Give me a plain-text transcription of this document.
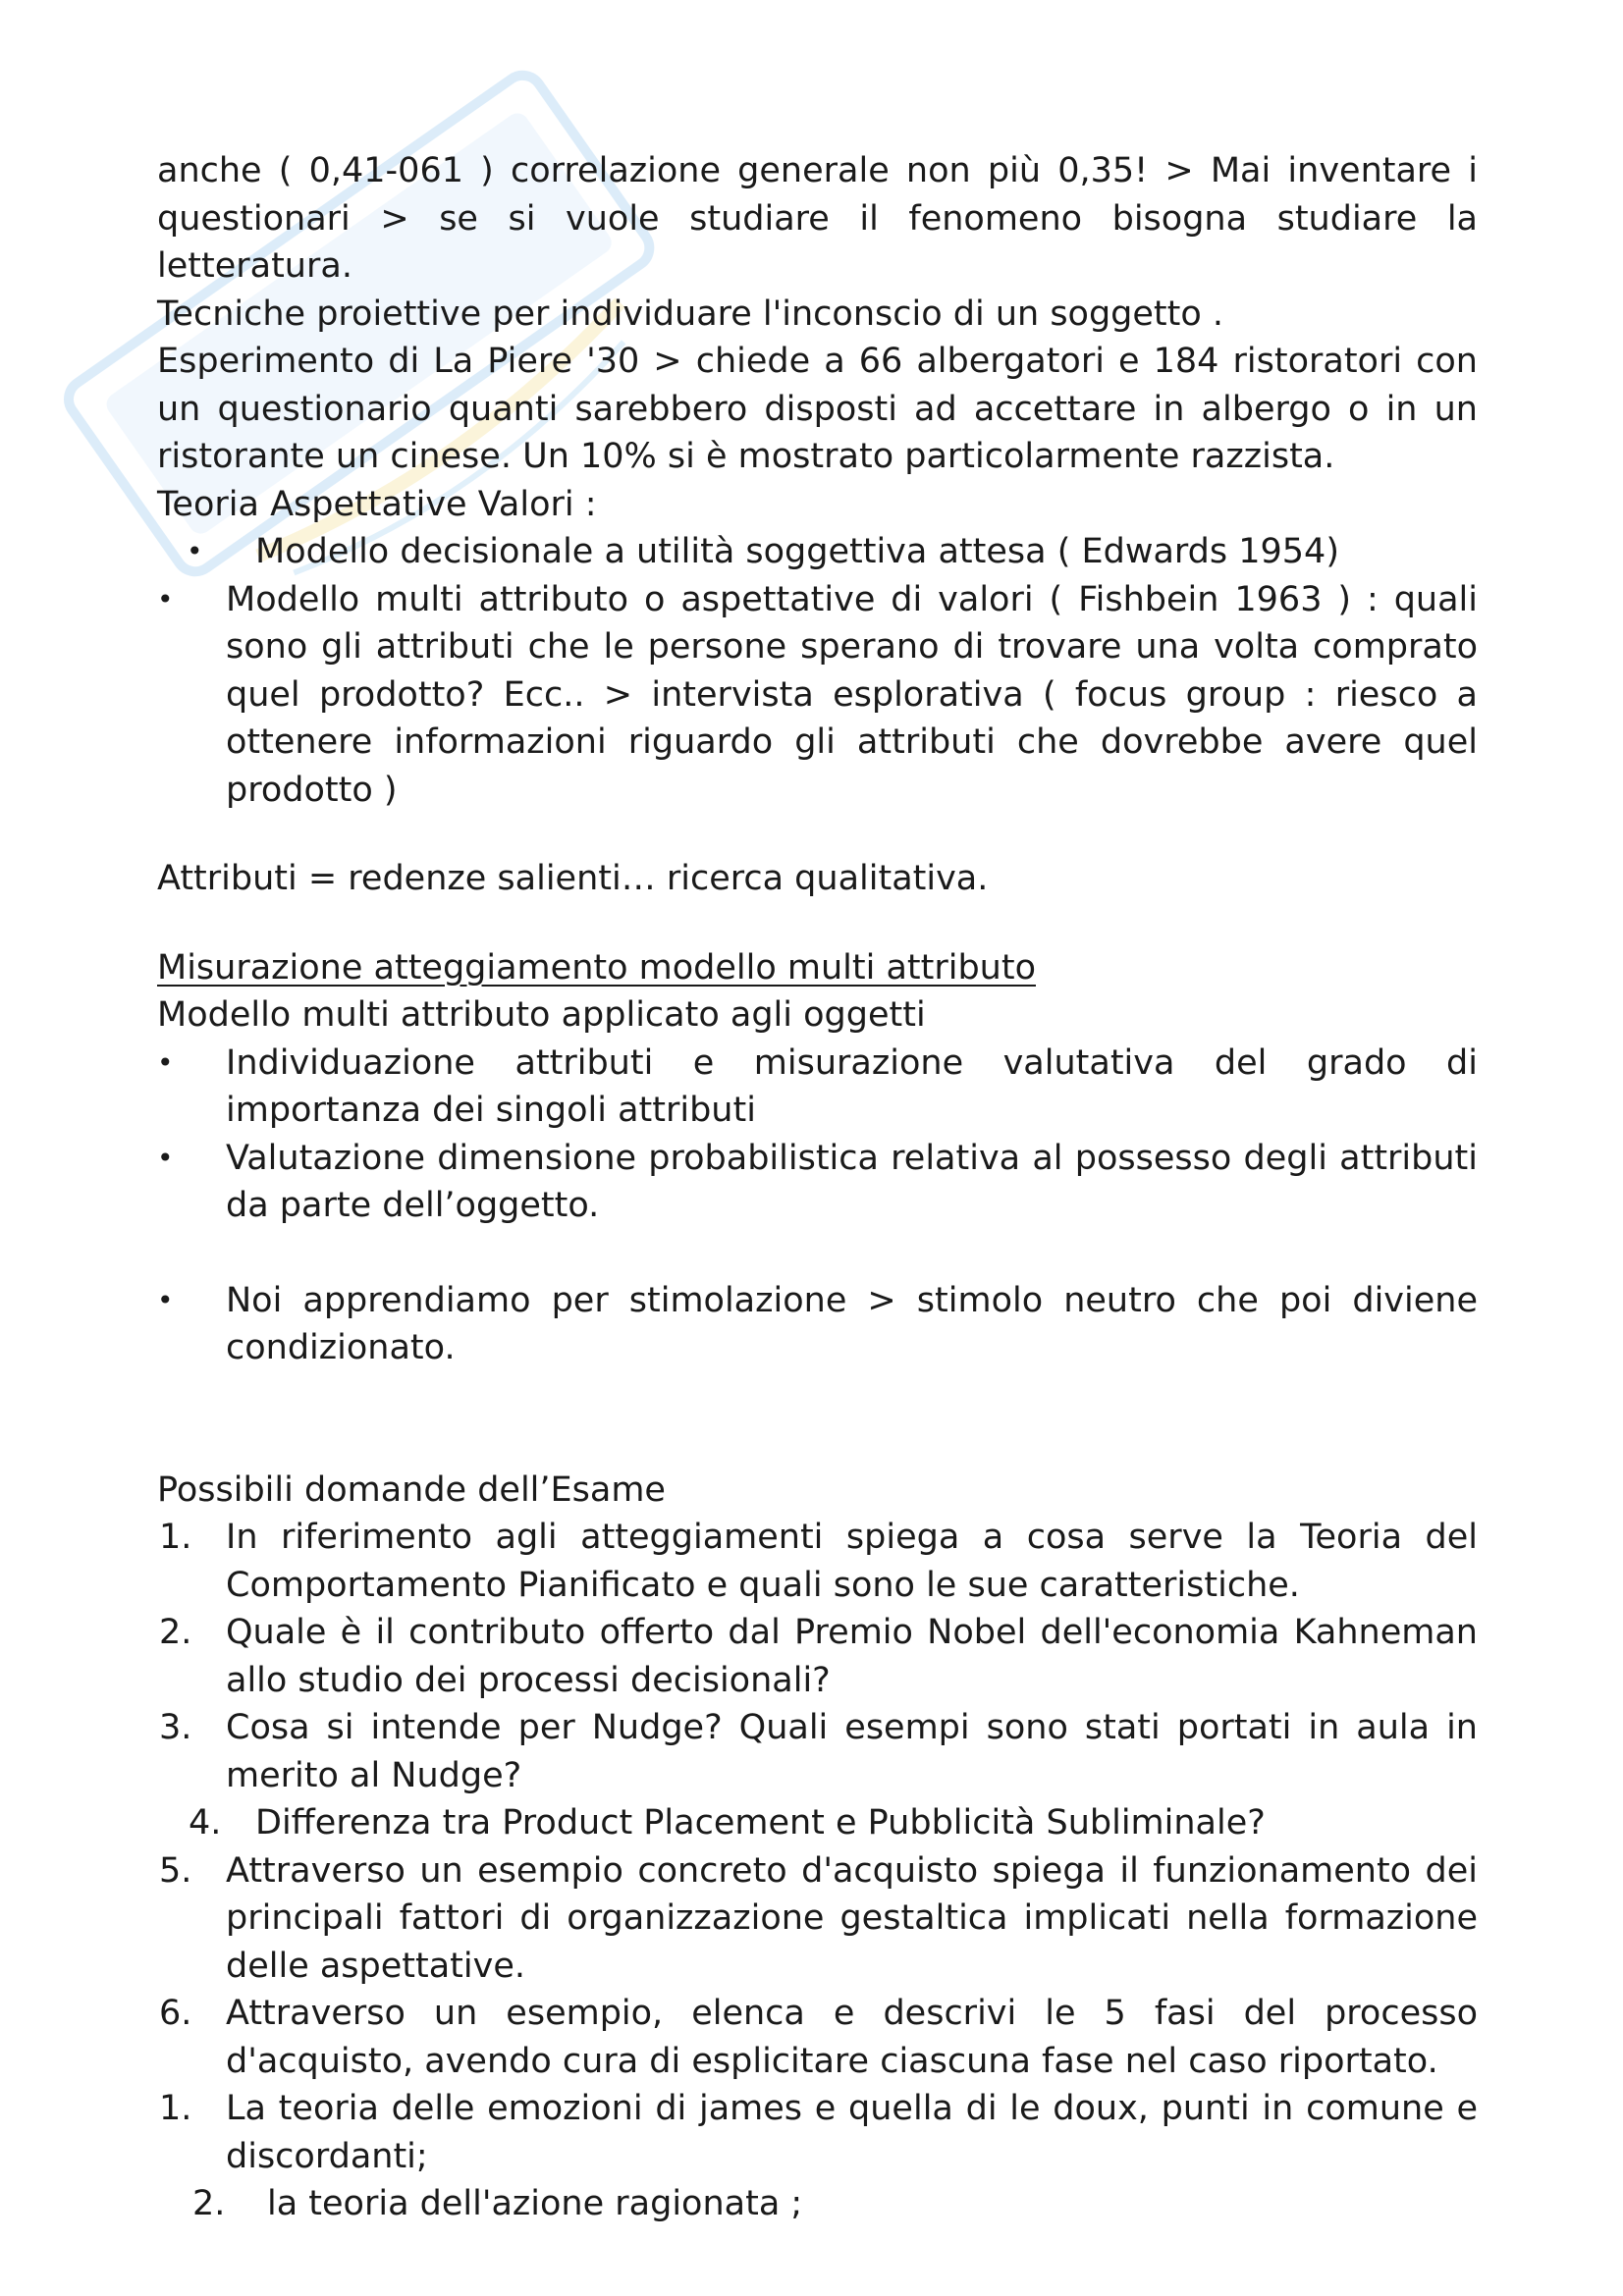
anche ( 0,41-061 ) correlazione generale non più 0,35! > Mai inventare i questionari > se si vuole studiare il fenomeno bisogna studiare la letteratura.

Tecniche proiettive per individuare l'inconscio di un soggetto .

Esperimento di La Piere '30 > chiede a 66 albergatori e 184 ristoratori con un questionario quanti sarebbero disposti ad accettare in albergo o in un ristorante un cinese. Un 10% si è mostrato particolarmente razzista.

Teoria Aspettative Valori :

• Modello decisionale a utilità soggettiva attesa ( Edwards 1954)
• Modello multi attributo o aspettative di valori ( Fishbein 1963 ) : quali sono gli attributi che le persone sperano di trovare una volta comprato quel prodotto? Ecc.. > intervista esplorativa ( focus group : riesco a ottenere informazioni riguardo gli attributi che dovrebbe avere quel prodotto )

Attributi = redenze salienti… ricerca qualitativa.

Misurazione atteggiamento modello multi attributo

Modello multi attributo applicato agli oggetti

• Individuazione attributi e misurazione valutativa del grado di importanza dei singoli attributi
• Valutazione dimensione probabilistica relativa al possesso degli attributi da parte dell’oggetto.
• Noi apprendiamo per stimolazione > stimolo neutro che poi diviene condizionato.

Possibili domande dell’Esame

1. In riferimento agli atteggiamenti spiega a cosa serve la Teoria del Comportamento Pianificato e quali sono le sue caratteristiche.
2. Quale è il contributo offerto dal Premio Nobel dell'economia Kahneman allo studio dei processi decisionali?
3. Cosa si intende per Nudge? Quali esempi sono stati portati in aula in merito al Nudge?
4. Differenza tra Product Placement e Pubblicità Subliminale?
5. Attraverso un esempio concreto d'acquisto spiega il funzionamento dei principali fattori di organizzazione gestaltica implicati nella formazione delle aspettative.
6. Attraverso un esempio, elenca e descrivi le 5 fasi del processo d'acquisto, avendo cura di esplicitare ciascuna fase nel caso riportato.
1. La teoria delle emozioni di james e quella di le doux, punti in comune e discordanti;
2. la teoria dell'azione ragionata ;
